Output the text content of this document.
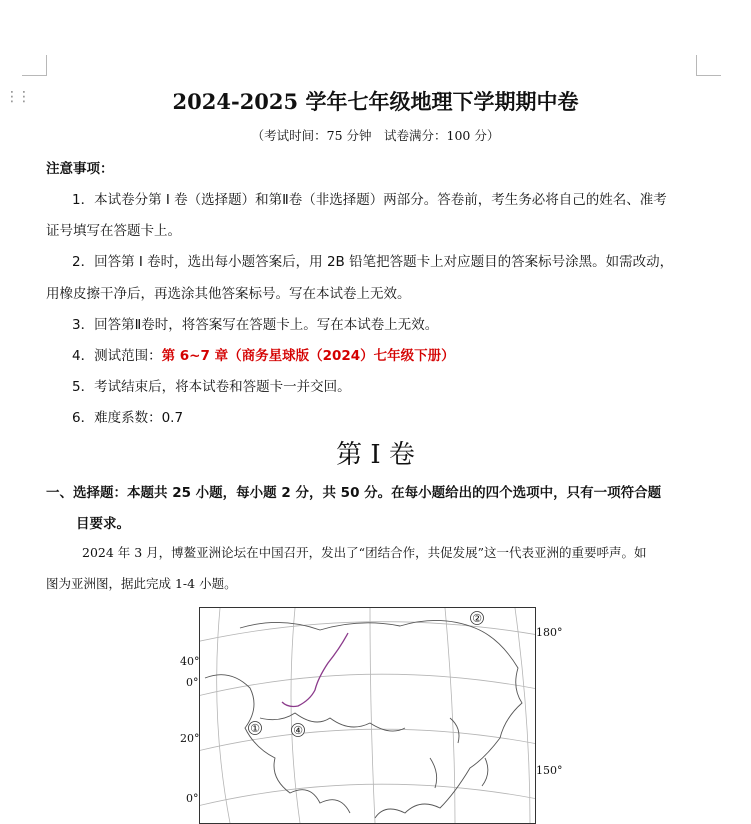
⋮⋮	2024-2025 学年七年级地理下学期期中卷
（考试时间：75 分钟　试卷满分：100 分）
注意事项：
1．本试卷分第 I 卷（选择题）和第Ⅱ卷（非选择题）两部分。答卷前，考生务必将自己的姓名、准考
证号填写在答题卡上。
2．回答第 I 卷时，选出每小题答案后，用 2B 铅笔把答题卡上对应题目的答案标号涂黑。如需改动，
用橡皮擦干净后，再选涂其他答案标号。写在本试卷上无效。
3．回答第Ⅱ卷时，将答案写在答题卡上。写在本试卷上无效。
4．测试范围：第 6~7 章（商务星球版（2024）七年级下册）
5．考试结束后，将本试卷和答题卡一并交回。
6．难度系数：0.7
第 I 卷
一、选择题：本题共 25 小题，每小题 2 分，共 50 分。在每小题给出的四个选项中，只有一项符合题
目要求。
2024 年 3 月，博鳌亚洲论坛在中国召开，发出了“团结合作，共促发展”这一代表亚洲的重要呼声。如
图为亚洲图，据此完成 1-4 小题。
40°
0°
20°
0°
180°
150°
①
②
④
